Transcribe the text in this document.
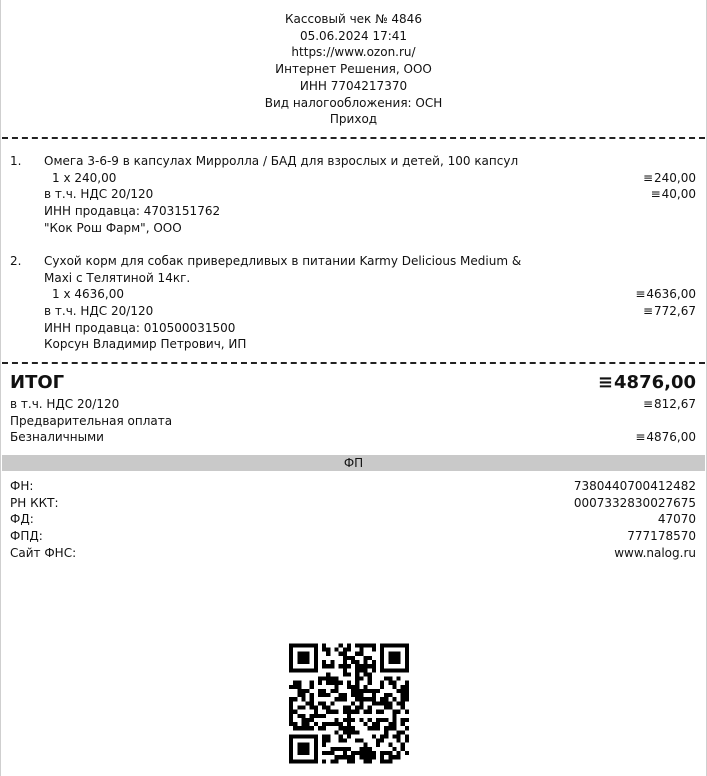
Кассовый чек № 4846
05.06.2024 17:41
https://www.ozon.ru/
Интернет Решения, ООО
ИНН 7704217370
Вид налогообложения: ОСН
Приход
1.	Омега 3-6-9 в капсулах Мирролла / БАД для взрослых и детей, 100 капсул
1 х 240,00	≡240,00
в т.ч. НДС 20/120	≡40,00
ИНН продавца: 4703151762
"Кок Рош Фарм", ООО
2.	Сухой корм для собак привередливых в питании Karmy Delicious Medium & Maxi с Телятиной 14кг.
1 х 4636,00	≡4636,00
в т.ч. НДС 20/120	≡772,67
ИНН продавца: 010500031500
Корсун Владимир Петрович, ИП
ИТОГ	≡4876,00
в т.ч. НДС 20/120	≡812,67
Предварительная оплата
Безналичными	≡4876,00
ФП
ФН:	7380440700412482
РН ККТ:	0007332830027675
ФД:	47070
ФПД:	777178570
Сайт ФНС:	www.nalog.ru
